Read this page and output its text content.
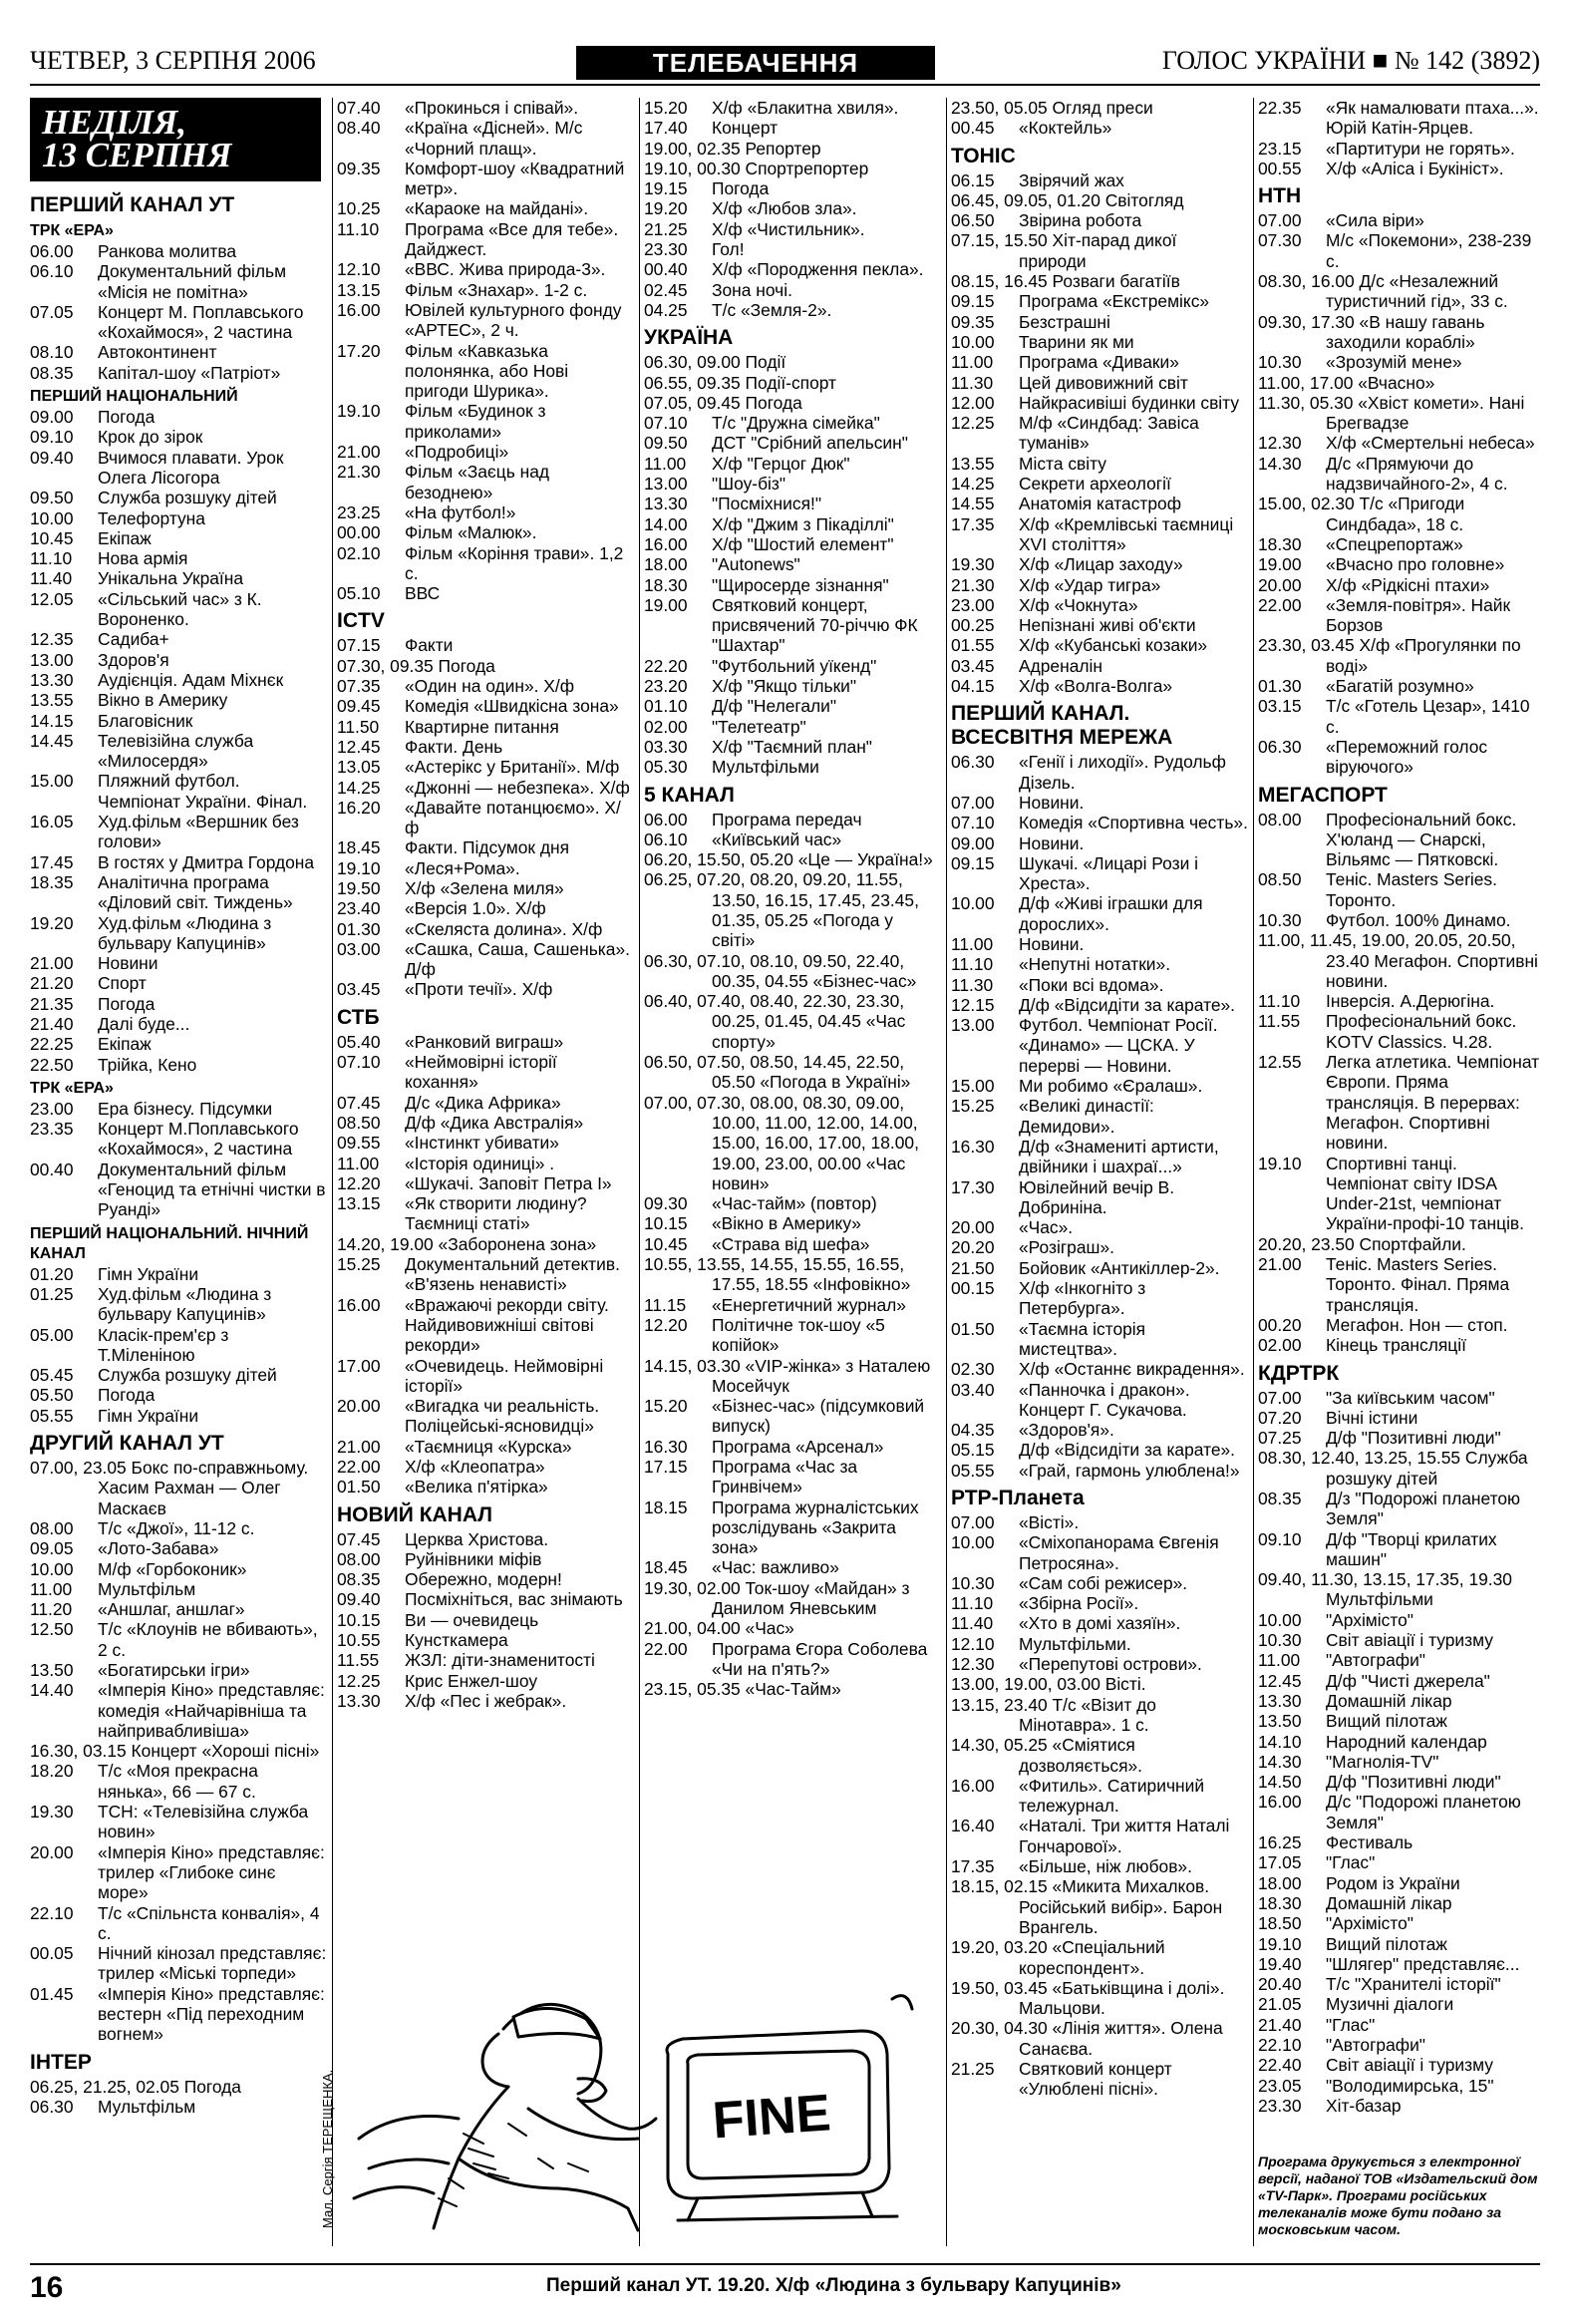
ЧЕТВЕР, 3 СЕРПНЯ 2006	ТЕЛЕБАЧЕННЯ	ГОЛОС УКРАЇНИ ■ № 142 (3892)
НЕДІЛЯ,
13 СЕРПНЯ
ПЕРШИЙ КАНАЛ УТ
ТРК «ЕРА»
06.00 Ранкова молитва
06.10 Документальний фільм «Місія не помітна»
07.05 Концерт М. Поплавського «Кохаймося», 2 частина
08.10 Автоконтинент
08.35 Капітал-шоу «Патріот»
ПЕРШИЙ НАЦІОНАЛЬНИЙ
09.00 Погода
09.10 Крок до зірок
09.40 Вчимося плавати. Урок Олега Лісогора
09.50 Служба розшуку дітей
10.00 Телефортуна
10.45 Екіпаж
11.10 Нова армія
11.40 Унікальна Україна
12.05 «Сільський час» з К. Вороненко.
12.35 Садиба+
13.00 Здоров'я
13.30 Аудієнція. Адам Міхнєк
13.55 Вікно в Америку
14.15 Благовісник
14.45 Телевізійна служба «Милосердя»
15.00 Пляжний футбол. Чемпіонат України. Фінал.
16.05 Худ.фільм «Вершник без голови»
17.45 В гостях у Дмитра Гордона
18.35 Аналітична програма «Діловий світ. Тиждень»
19.20 Худ.фільм «Людина з бульвару Капуцинів»
21.00 Новини
21.20 Спорт
21.35 Погода
21.40 Далі буде...
22.25 Екіпаж
22.50 Трійка, Кено
ТРК «ЕРА»
23.00 Ера бізнесу. Підсумки
23.35 Концерт М.Поплавського «Кохаймося», 2 частина
00.40 Документальний фільм «Геноцид та етнічні чистки в Руанді»
ПЕРШИЙ НАЦІОНАЛЬНИЙ. НІЧНИЙ КАНАЛ
01.20 Гімн України
01.25 Худ.фільм «Людина з бульвару Капуцинів»
05.00 Класік-прем'єр з Т.Мiленiною
05.45 Служба розшуку дітей
05.50 Погода
05.55 Гімн України
ДРУГИЙ КАНАЛ УТ
07.00, 23.05 Бокс по-справжньому. Хасим Рахман — Олег Маскаєв
08.00 Т/с «Джої», 11-12 с.
09.05 «Лото-Забава»
10.00 М/ф «Горбоконик»
11.00 Мультфільм
11.20 «Аншлаг, аншлаг»
12.50 Т/с «Клоунів не вбивають», 2 с.
13.50 «Богатирськи ігри»
14.40 «Імперія Кіно» представляє: комедія «Найчарівніша та найпривабливіша»
16.30, 03.15 Концерт «Хороші пісні»
18.20 Т/с «Моя прекрасна нянька», 66 — 67 с.
19.30 ТСН: «Телевізійна служба новин»
20.00 «Імперія Кіно» представляє: трилер «Глибоке синє море»
22.10 Т/с «Спільнста конвалія», 4 с.
00.05 Нічний кінозал представляє: трилер «Міські торпеди»
01.45 «Імперія Кіно» представляє: вестерн «Під переходним вогнем»
ІНТЕР
06.25, 21.25, 02.05 Погода
06.30 Мультфільм
07.40 «Прокинься і співай».
08.40 «Країна «Дісней». М/с «Чорний плащ».
09.35 Комфорт-шоу «Квадратний метр».
10.25 «Караоке на майдані».
11.10 Програма «Все для тебе». Дайджест.
12.10 «ВВС. Жива природа-3».
13.15 Фільм «Знахар». 1-2 с.
16.00 Ювілей культурного фонду «АРТЕС», 2 ч.
17.20 Фільм «Кавказька полонянка, або Нові пригоди Шурика».
19.10 Фільм «Будинок з приколами»
21.00 «Подробиці»
21.30 Фільм «Заєць над безоднею»
23.25 «На футбол!»
00.00 Фільм «Малюк».
02.10 Фільм «Коріння трави». 1,2 с.
05.10 ВВС
ICTV
07.15 Факти
07.30, 09.35 Погода
07.35 «Один на один». Х/ф
09.45 Комедія «Швидкісна зона»
11.50 Квартирне питання
12.45 Факти. День
13.05 «Астерікс у Британії». М/ф
14.25 «Джонні — небезпека». Х/ф
16.20 «Давайте потанцюємо». Х/ф
18.45 Факти. Підсумок дня
19.10 «Леся+Рома».
19.50 Х/ф «Зелена миля»
23.40 «Версія 1.0». Х/ф
01.30 «Скеляста долина». Х/ф
03.00 «Сашка, Саша, Сашенька». Д/ф
03.45 «Проти течії». Х/ф
СТБ
05.40 «Ранковий виграш»
07.10 «Неймовірні історії кохання»
07.45 Д/с «Дика Африка»
08.50 Д/ф «Дика Австралія»
09.55 «Інстинкт убивати»
11.00 «Історія одиниці» .
12.20 «Шукачі. Заповіт Петра I»
13.15 «Як створити людину? Таємниці статі»
14.20, 19.00 «Заборонена зона»
15.25 Документальний детектив. «В'язень ненависті»
16.00 «Вражаючі рекорди світу. Найдивовижніші світові рекорди»
17.00 «Очевидець. Неймовірні історії»
20.00 «Вигадка чи реальність. Поліцейські-ясновидці»
21.00 «Таємниця «Курска»
22.00 Х/ф «Клеопатра»
01.50 «Велика п'ятірка»
НОВИЙ КАНАЛ
07.45 Церква Христова.
08.00 Руйнівники міфів
08.35 Обережно, модерн!
09.40 Посміхніться, вас знімають
10.15 Ви — очевидець
10.55 Кунсткамера
11.55 ЖЗЛ: діти-знаменитості
12.25 Крис Енжел-шоу
13.30 Х/ф «Пес і жебрак».
15.20 Х/ф «Блакитна хвиля».
17.40 Концерт
19.00, 02.35 Репортер
19.10, 00.30 Спортрепортер
19.15 Погода
19.20 Х/ф «Любов зла».
21.25 Х/ф «Чистильник».
23.30 Гол!
00.40 Х/ф «Породження пекла».
02.45 Зона ночі.
04.25 Т/с «Земля-2».
УКРАЇНА
06.30, 09.00 Події
06.55, 09.35 Події-спорт
07.05, 09.45 Погода
07.10 Т/с "Дружна сімейка"
09.50 ДСТ "Срібний апельсин"
11.00 Х/ф "Герцог Дюк"
13.00 "Шоу-біз"
13.30 "Посміхнися!"
14.00 Х/ф "Джим з Пікаділлі"
16.00 Х/ф "Шостий елемент"
18.00 "Autonews"
18.30 "Щиросерде зізнання"
19.00 Святковий концерт, присвячений 70-річчю ФК "Шахтар"
22.20 "Футбольний уїкенд"
23.20 Х/ф "Якщо тільки"
01.10 Д/ф "Нелегали"
02.00 "Телетеатр"
03.30 Х/ф "Таємний план"
05.30 Мультфільми
5 КАНАЛ
06.00 Програма передач
06.10 «Київський час»
06.20, 15.50, 05.20 «Це — Україна!»
06.25, 07.20, 08.20, 09.20, 11.55, 13.50, 16.15, 17.45, 23.45, 01.35, 05.25 «Погода у світі»
06.30, 07.10, 08.10, 09.50, 22.40, 00.35, 04.55 «Бізнес-час»
06.40, 07.40, 08.40, 22.30, 23.30, 00.25, 01.45, 04.45 «Час спорту»
06.50, 07.50, 08.50, 14.45, 22.50, 05.50 «Погода в Україні»
07.00, 07.30, 08.00, 08.30, 09.00, 10.00, 11.00, 12.00, 14.00, 15.00, 16.00, 17.00, 18.00, 19.00, 23.00, 00.00 «Час новин»
09.30 «Час-тайм» (повтор)
10.15 «Вікно в Америку»
10.45 «Страва від шефа»
10.55, 13.55, 14.55, 15.55, 16.55, 17.55, 18.55 «Інфовікно»
11.15 «Енергетичний журнал»
12.20 Політичне ток-шоу «5 копійок»
14.15, 03.30 «VIP-жінка» з Наталею Мосейчук
15.20 «Бізнес-час» (підсумковий випуск)
16.30 Програма «Арсенал»
17.15 Програма «Час за Гринвічем»
18.15 Програма журналістських розслідувань «Закрита зона»
18.45 «Час: важливо»
19.30, 02.00 Ток-шоу «Майдан» з Данилом Яневським
21.00, 04.00 «Час»
22.00 Програма Єгора Соболева «Чи на п'ять?»
23.15, 05.35 «Час-Тайм»
23.50, 05.05 Огляд преси
00.45 «Коктейль»
ТОНІС
06.15 Звірячий жах
06.45, 09.05, 01.20 Світогляд
06.50 Звірина робота
07.15, 15.50 Хіт-парад дикої природи
08.15, 16.45 Розваги багатіїв
09.15 Програма «Екстремікс»
09.35 Безстрашні
10.00 Тварини як ми
11.00 Програма «Диваки»
11.30 Цей дивовижний світ
12.00 Найкрасивіші будинки світу
12.25 М/ф «Синдбад: Завіса туманів»
13.55 Міста світу
14.25 Секрети археології
14.55 Анатомія катастроф
17.35 Х/ф «Кремлівські таємниці XVI століття»
19.30 Х/ф «Лицар заходу»
21.30 Х/ф «Удар тигра»
23.00 Х/ф «Чокнута»
00.25 Непізнані живі об'єкти
01.55 Х/ф «Кубанські козаки»
03.45 Адреналін
04.15 Х/ф «Волга-Волга»
ПЕРШИЙ КАНАЛ. ВСЕСВІТНЯ МЕРЕЖА
06.30 «Генії і лиходії». Рудольф Дізель.
07.00 Новини.
07.10 Комедія «Спортивна честь».
09.00 Новини.
09.15 Шукачі. «Лицарі Рози і Хреста».
10.00 Д/ф «Живі іграшки для дорослих».
11.00 Новини.
11.10 «Непутні нотатки».
11.30 «Поки всі вдома».
12.15 Д/ф «Відсидіти за карате».
13.00 Футбол. Чемпіонат Росії. «Динамо» — ЦСКА. У перерві — Новини.
15.00 Ми робимо «Єралаш».
15.25 «Великі династії: Демидови».
16.30 Д/ф «Знамениті артисти, двійники і шахраї...»
17.30 Ювілейний вечір В. Добриніна.
20.00 «Час».
20.20 «Розіграш».
21.50 Бойовик «Антикіллер-2».
00.15 Х/ф «Інкогніто з Петербурга».
01.50 «Таємна історія мистецтва».
02.30 Х/ф «Останнє викрадення».
03.40 «Панночка і дракон». Концерт Г. Сукачова.
04.35 «Здоров'я».
05.15 Д/ф «Відсидіти за карате».
05.55 «Грай, гармонь улюблена!»
РТР-Планета
07.00 «Вісті».
10.00 «Сміхопанорама Євгенія Петросяна».
10.30 «Сам собі режисер».
11.10 «Збірна Росії».
11.40 «Хто в домі хазяїн».
12.10 Мультфільми.
12.30 «Перепутові острови».
13.00, 19.00, 03.00 Вісті.
13.15, 23.40 Т/с «Візит до Мінотавра». 1 с.
14.30, 05.25 «Сміятися дозволяється».
16.00 «Фитиль». Сатиричний тележурнал.
16.40 «Наталі. Три життя Наталі Гончарової».
17.35 «Більше, ніж любов».
18.15, 02.15 «Микита Михалков. Російський вибір». Барон Врангель.
19.20, 03.20 «Спеціальний кореспондент».
19.50, 03.45 «Батьківщина і долі». Мальцови.
20.30, 04.30 «Лінія життя». Олена Санаєва.
21.25 Святковий концерт «Улюблені пісні».
22.35 «Як намалювати птаха...». Юрій Катін-Ярцев.
23.15 «Партитури не горять».
00.55 Х/ф «Аліса і Букініст».
НТН
07.00 «Сила віри»
07.30 М/с «Покемони», 238-239 с.
08.30, 16.00 Д/с «Незалежний туристичний гід», 33 с.
09.30, 17.30 «В нашу гавань заходили кораблі»
10.30 «Зрозумій мене»
11.00, 17.00 «Вчасно»
11.30, 05.30 «Хвіст комети». Нані Брегвадзе
12.30 Х/ф «Смертельні небеса»
14.30 Д/с «Прямуючи до надзвичайного-2», 4 с.
15.00, 02.30 Т/с «Пригоди Синдбада», 18 с.
18.30 «Спецрепортаж»
19.00 «Вчасно про головне»
20.00 Х/ф «Рідкісні птахи»
22.00 «Земля-повітря». Найк Борзов
23.30, 03.45 Х/ф «Прогулянки по воді»
01.30 «Багатій розумно»
03.15 Т/с «Готель Цезар», 1410 с.
06.30 «Переможний голос віруючого»
МЕГАСПОРТ
08.00 Професіональний бокс. Х'юланд — Снарскі, Вільямс — Пятковскі.
08.50 Теніс. Masters Series. Торонто.
10.30 Футбол. 100% Динамо.
11.00, 11.45, 19.00, 20.05, 20.50, 23.40 Мегафон. Спортивні новини.
11.10 Інверсія. А.Дерюгіна.
11.55 Професіональний бокс. KOTV Classics. Ч.28.
12.55 Легка атлетика. Чемпіонат Європи. Пряма трансляція. В перервах: Мегафон. Спортивні новини.
19.10 Спортивні танці. Чемпіонат світу IDSA Under-21st, чемпіонат України-профі-10 танців.
20.20, 23.50 Спортфайли.
21.00 Теніс. Masters Series. Торонто. Фінал. Пряма трансляція.
00.20 Мегафон. Нон — стоп.
02.00 Кінець трансляції
КДРТРК
07.00 "За київським часом"
07.20 Вічні істини
07.25 Д/ф "Позитивні люди"
08.30, 12.40, 13.25, 15.55 Служба розшуку дітей
08.35 Д/з "Подорожі планетою Земля"
09.10 Д/ф "Творці крилатих машин"
09.40, 11.30, 13.15, 17.35, 19.30 Мультфільми
10.00 "Архімісто"
10.30 Світ авіації і туризму
11.00 "Автографи"
12.45 Д/ф "Чисті джерела"
13.30 Домашній лікар
13.50 Вищий пілотаж
14.10 Народний календар
14.30 "Магнолія-TV"
14.50 Д/ф "Позитивні люди"
16.00 Д/с "Подорожі планетою Земля"
16.25 Фестиваль
17.05 "Глас"
18.00 Родом із України
18.30 Домашній лікар
18.50 "Архімісто"
19.10 Вищий пілотаж
19.40 "Шлягер" представляє...
20.40 Т/с "Хранителі історії"
21.05 Музичні діалоги
21.40 "Глас"
22.10 "Автографи"
22.40 Світ авіації і туризму
23.05 "Володимирська, 15"
23.30 Хіт-базар
Мал. Сергія ТЕРЕЩЕНКА.	FINE
Програма друкується з електронної версії, наданої ТОВ «Издательский дом «TV-Парк». Програми російських телеканалів може бути подано за московським часом.
16	Перший канал УТ. 19.20. Х/ф «Людина з бульвару Капуцинів»
